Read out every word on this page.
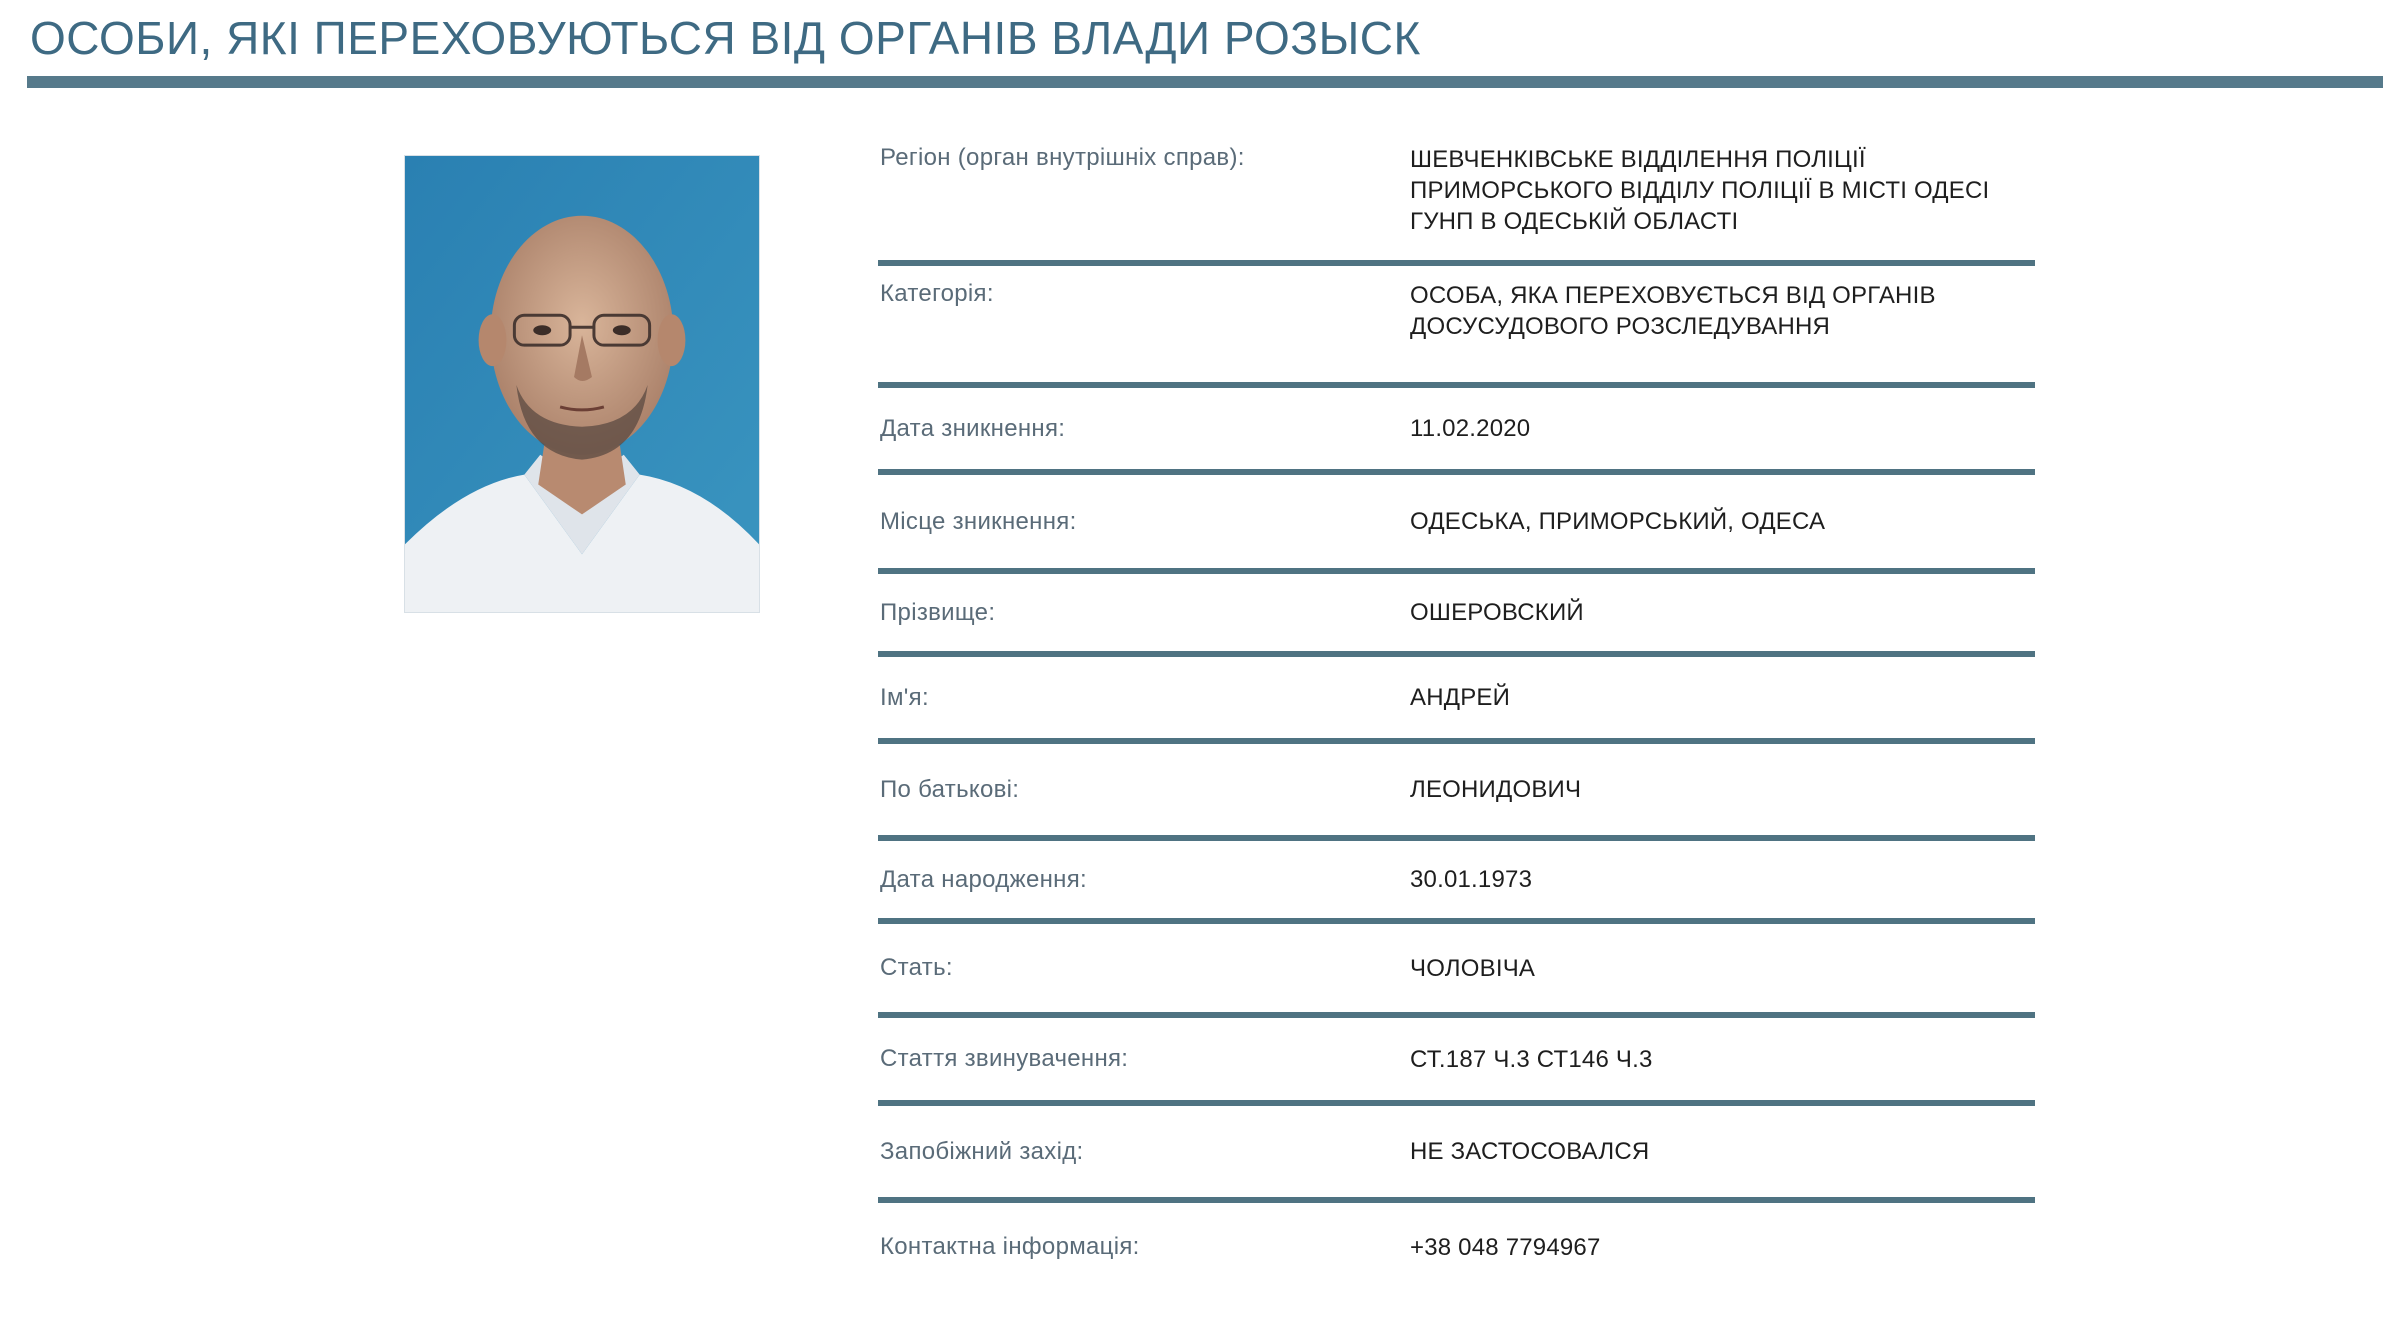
ОСОБИ, ЯКІ ПЕРЕХОВУЮТЬСЯ ВІД ОРГАНІВ ВЛАДИ РОЗЫСК
Регіон (орган внутрішніх справ):	ШЕВЧЕНКІВСЬКЕ ВІДДІЛЕННЯ ПОЛІЦІЇ ПРИМОРСЬКОГО ВІДДІЛУ ПОЛІЦІЇ В МІСТІ ОДЕСІ ГУНП В ОДЕСЬКІЙ ОБЛАСТІ
Категорія:	ОСОБА, ЯКА ПЕРЕХОВУЄТЬСЯ ВІД ОРГАНІВ ДОСУСУДОВОГО РОЗСЛЕДУВАННЯ
Дата зникнення:	11.02.2020
Місце зникнення:	ОДЕСЬКА, ПРИМОРСЬКИЙ, ОДЕСА
Прізвище:	ОШЕРОВСКИЙ
Ім'я:	АНДРЕЙ
По батькові:	ЛЕОНИДОВИЧ
Дата народження:	30.01.1973
Стать:	ЧОЛОВІЧА
Стаття звинувачення:	СТ.187 Ч.3 СТ146 Ч.3
Запобіжний захід:	НЕ ЗАСТОСОВАЛСЯ
Контактна інформація:	+38 048 7794967
